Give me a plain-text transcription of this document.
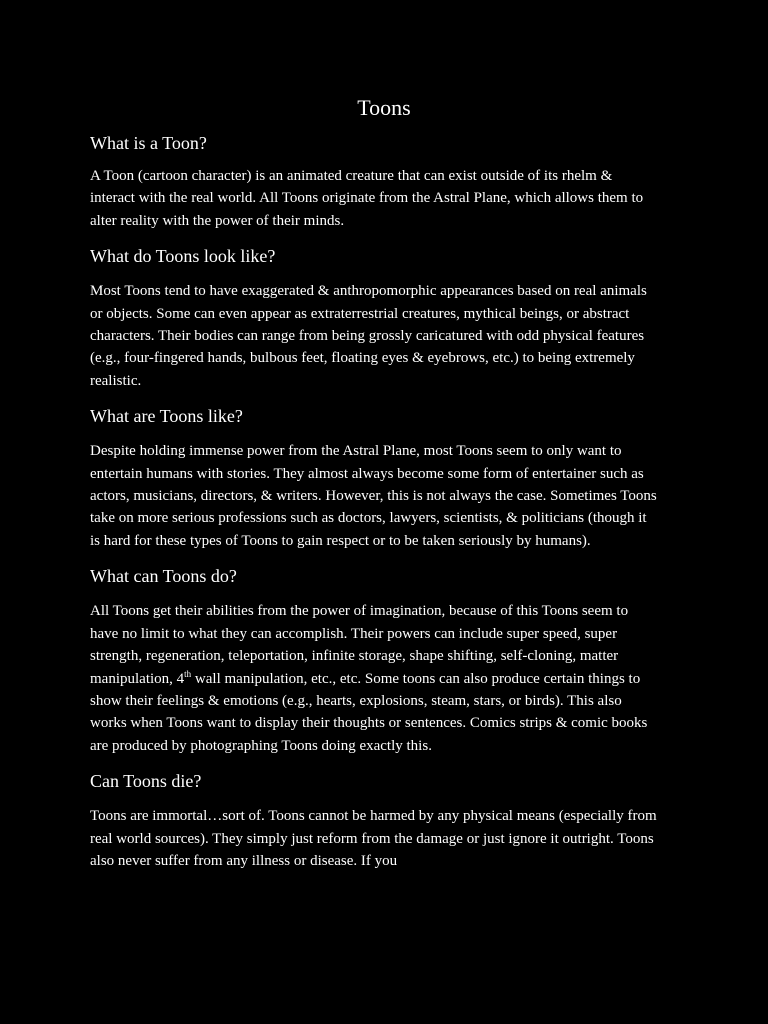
Toons
What is a Toon?

A Toon (cartoon character) is an animated creature that can exist outside of its rhelm & interact with the real world. All Toons originate from the Astral Plane, which allows them to alter reality with the power of their minds.

What do Toons look like?

Most Toons tend to have exaggerated & anthropomorphic appearances based on real animals or objects. Some can even appear as extraterrestrial creatures, mythical beings, or abstract characters. Their bodies can range from being grossly caricatured with odd physical features (e.g., four-fingered hands, bulbous feet, floating eyes & eyebrows, etc.) to being extremely realistic.

What are Toons like?

Despite holding immense power from the Astral Plane, most Toons seem to only want to entertain humans with stories. They almost always become some form of entertainer such as actors, musicians, directors, & writers. However, this is not always the case. Sometimes Toons take on more serious professions such as doctors, lawyers, scientists, & politicians (though it is hard for these types of Toons to gain respect or to be taken seriously by humans).

What can Toons do?

All Toons get their abilities from the power of imagination, because of this Toons seem to have no limit to what they can accomplish. Their powers can include super speed, super strength, regeneration, teleportation, infinite storage, shape shifting, self-cloning, matter manipulation, 4th wall manipulation, etc., etc. Some toons can also produce certain things to show their feelings & emotions (e.g., hearts, explosions, steam, stars, or birds). This also works when Toons want to display their thoughts or sentences. Comics strips & comic books are produced by photographing Toons doing exactly this.

Can Toons die?

Toons are immortal…sort of. Toons cannot be harmed by any physical means (especially from real world sources). They simply just reform from the damage or just ignore it outright. Toons also never suffer from any illness or disease. If you
